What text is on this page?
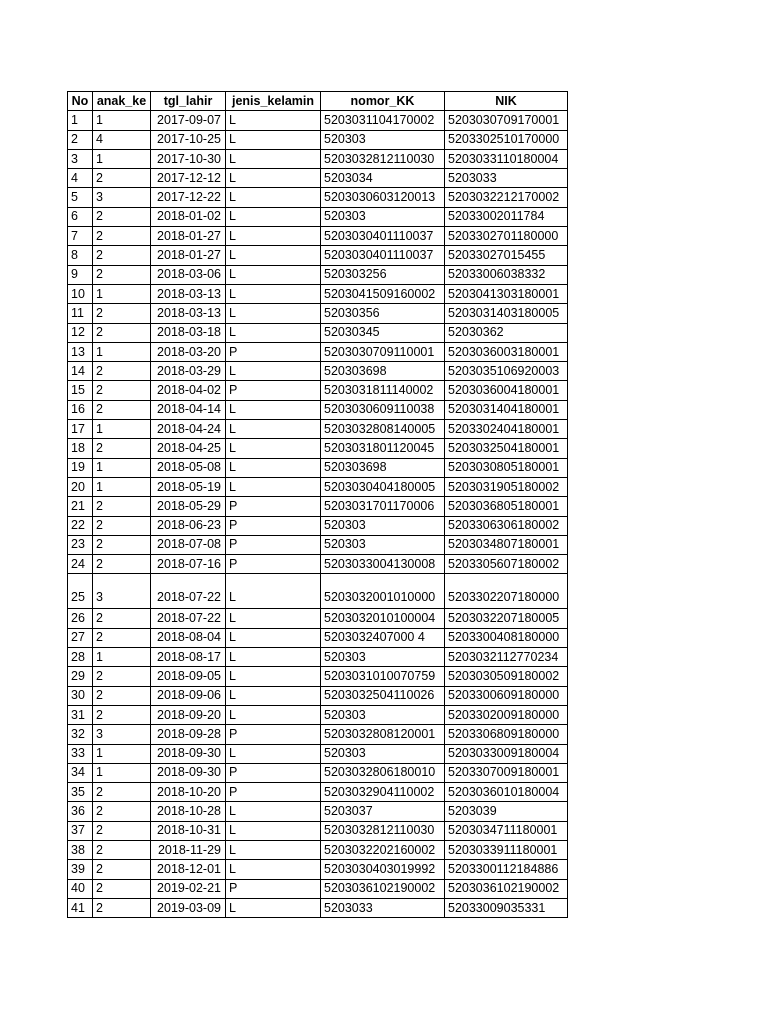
No	anak_ke	tgl_lahir	jenis_kelamin	nomor_KK	NIK
1	1	2017-09-07	L	5203031104170002	5203030709170001
2	4	2017-10-25	L	520303	5203302510170000
3	1	2017-10-30	L	5203032812110030	5203033110180004
4	2	2017-12-12	L	5203034	5203033
5	3	2017-12-22	L	5203030603120013	5203032212170002
6	2	2018-01-02	L	520303	52033002011784
7	2	2018-01-27	L	5203030401110037	5203302701180000
8	2	2018-01-27	L	5203030401110037	52033027015455
9	2	2018-03-06	L	520303256	52033006038332
10	1	2018-03-13	L	5203041509160002	5203041303180001
11	2	2018-03-13	L	52030356	5203031403180005
12	2	2018-03-18	L	52030345	52030362
13	1	2018-03-20	P	5203030709110001	5203036003180001
14	2	2018-03-29	L	520303698	5203035106920003
15	2	2018-04-02	P	5203031811140002	5203036004180001
16	2	2018-04-14	L	5203030609110038	5203031404180001
17	1	2018-04-24	L	5203032808140005	5203302404180001
18	2	2018-04-25	L	5203031801120045	5203032504180001
19	1	2018-05-08	L	520303698	5203030805180001
20	1	2018-05-19	L	5203030404180005	5203031905180002
21	2	2018-05-29	P	5203031701170006	5203036805180001
22	2	2018-06-23	P	520303	5203306306180002
23	2	2018-07-08	P	520303	5203034807180001
24	2	2018-07-16	P	5203033004130008	5203305607180002
25	3	2018-07-22	L	5203032001010000	5203302207180000
26	2	2018-07-22	L	5203032010100004	5203032207180005
27	2	2018-08-04	L	5203032407000 4	5203300408180000
28	1	2018-08-17	L	520303	5203032112770234
29	2	2018-09-05	L	5203031010070759	5203030509180002
30	2	2018-09-06	L	5203032504110026	5203300609180000
31	2	2018-09-20	L	520303	5203302009180000
32	3	2018-09-28	P	5203032808120001	5203306809180000
33	1	2018-09-30	L	520303	5203033009180004
34	1	2018-09-30	P	5203032806180010	5203307009180001
35	2	2018-10-20	P	5203032904110002	5203036010180004
36	2	2018-10-28	L	5203037	5203039
37	2	2018-10-31	L	5203032812110030	5203034711180001
38	2	2018-11-29	L	5203032202160002	5203033911180001
39	2	2018-12-01	L	5203030403019992	5203300112184886
40	2	2019-02-21	P	5203036102190002	5203036102190002
41	2	2019-03-09	L	5203033	52033009035331
